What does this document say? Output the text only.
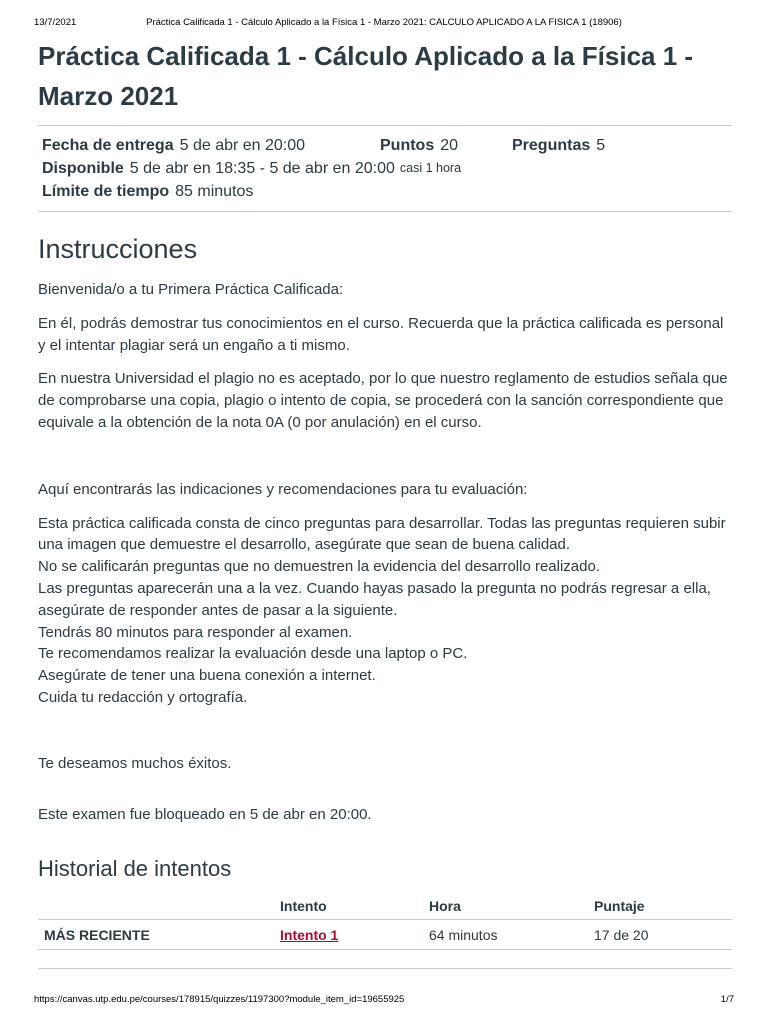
13/7/2021	Práctica Calificada 1 - Cálculo Aplicado a la Física 1 - Marzo 2021: CALCULO APLICADO A LA FISICA 1 (18906)
Práctica Calificada 1 - Cálculo Aplicado a la Física 1 - Marzo 2021
Fecha de entrega 5 de abr en 20:00	Puntos 20	Preguntas 5
Disponible 5 de abr en 18:35 - 5 de abr en 20:00 casi 1 hora
Límite de tiempo 85 minutos
Instrucciones

Bienvenida/o a tu Primera Práctica Calificada:

En él, podrás demostrar tus conocimientos en el curso. Recuerda que la práctica calificada es personal

y el intentar plagiar será un engaño a ti mismo.

En nuestra Universidad el plagio no es aceptado, por lo que nuestro reglamento de estudios señala que

de comprobarse una copia, plagio o intento de copia, se procederá con la sanción correspondiente que

equivale a la obtención de la nota 0A (0 por anulación) en el curso.

Aquí encontrarás las indicaciones y recomendaciones para tu evaluación:

Esta práctica calificada consta de cinco preguntas para desarrollar. Todas las preguntas requieren subir

una imagen que demuestre el desarrollo, asegúrate que sean de buena calidad.

No se calificarán preguntas que no demuestren la evidencia del desarrollo realizado.

Las preguntas aparecerán una a la vez. Cuando hayas pasado la pregunta no podrás regresar a ella,

asegúrate de responder antes de pasar a la siguiente.

Tendrás 80 minutos para responder al examen.

Te recomendamos realizar la evaluación desde una laptop o PC.

Asegúrate de tener una buena conexión a internet.

Cuida tu redacción y ortografía.

Te deseamos muchos éxitos.

Este examen fue bloqueado en 5 de abr en 20:00.

Historial de intentos
	Intento	Hora	Puntaje
MÁS RECIENTE	Intento 1	64 minutos	17 de 20
https://canvas.utp.edu.pe/courses/178915/quizzes/1197300?module_item_id=19655925	1/7
